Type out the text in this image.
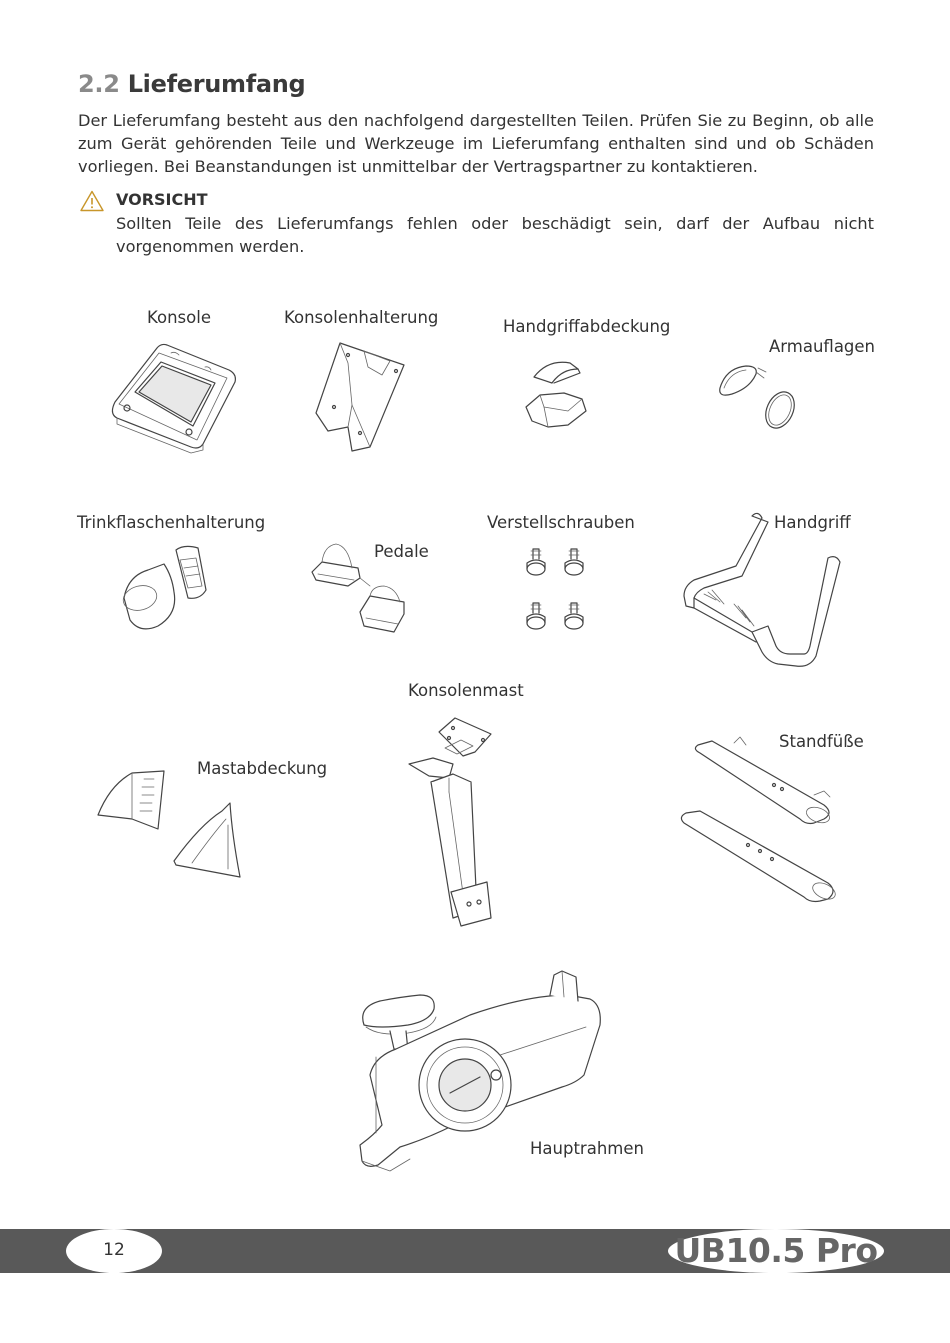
2.2 Lieferumfang

Der Lieferumfang besteht aus den nachfolgend dargestellten Teilen. Prüfen Sie zu Beginn, ob alle zum Gerät gehörenden Teile und Werkzeuge im Lieferumfang enthalten sind und ob Schäden vorliegen. Bei Beanstandungen ist unmittelbar der Vertragspartner zu kontaktieren.

VORSICHT

Sollten Teile des Lieferumfangs fehlen oder beschädigt sein, darf der Aufbau nicht vorgenommen werden.

Konsole	Konsolenhalterung	Handgriffabdeckung
Armauflagen
Trinkflaschenhalterung
Pedale
Verstellschrauben	Handgriff
Konsolenmast
Standfüße
Mastabdeckung
Hauptrahmen
12	UB10.5 Pro
